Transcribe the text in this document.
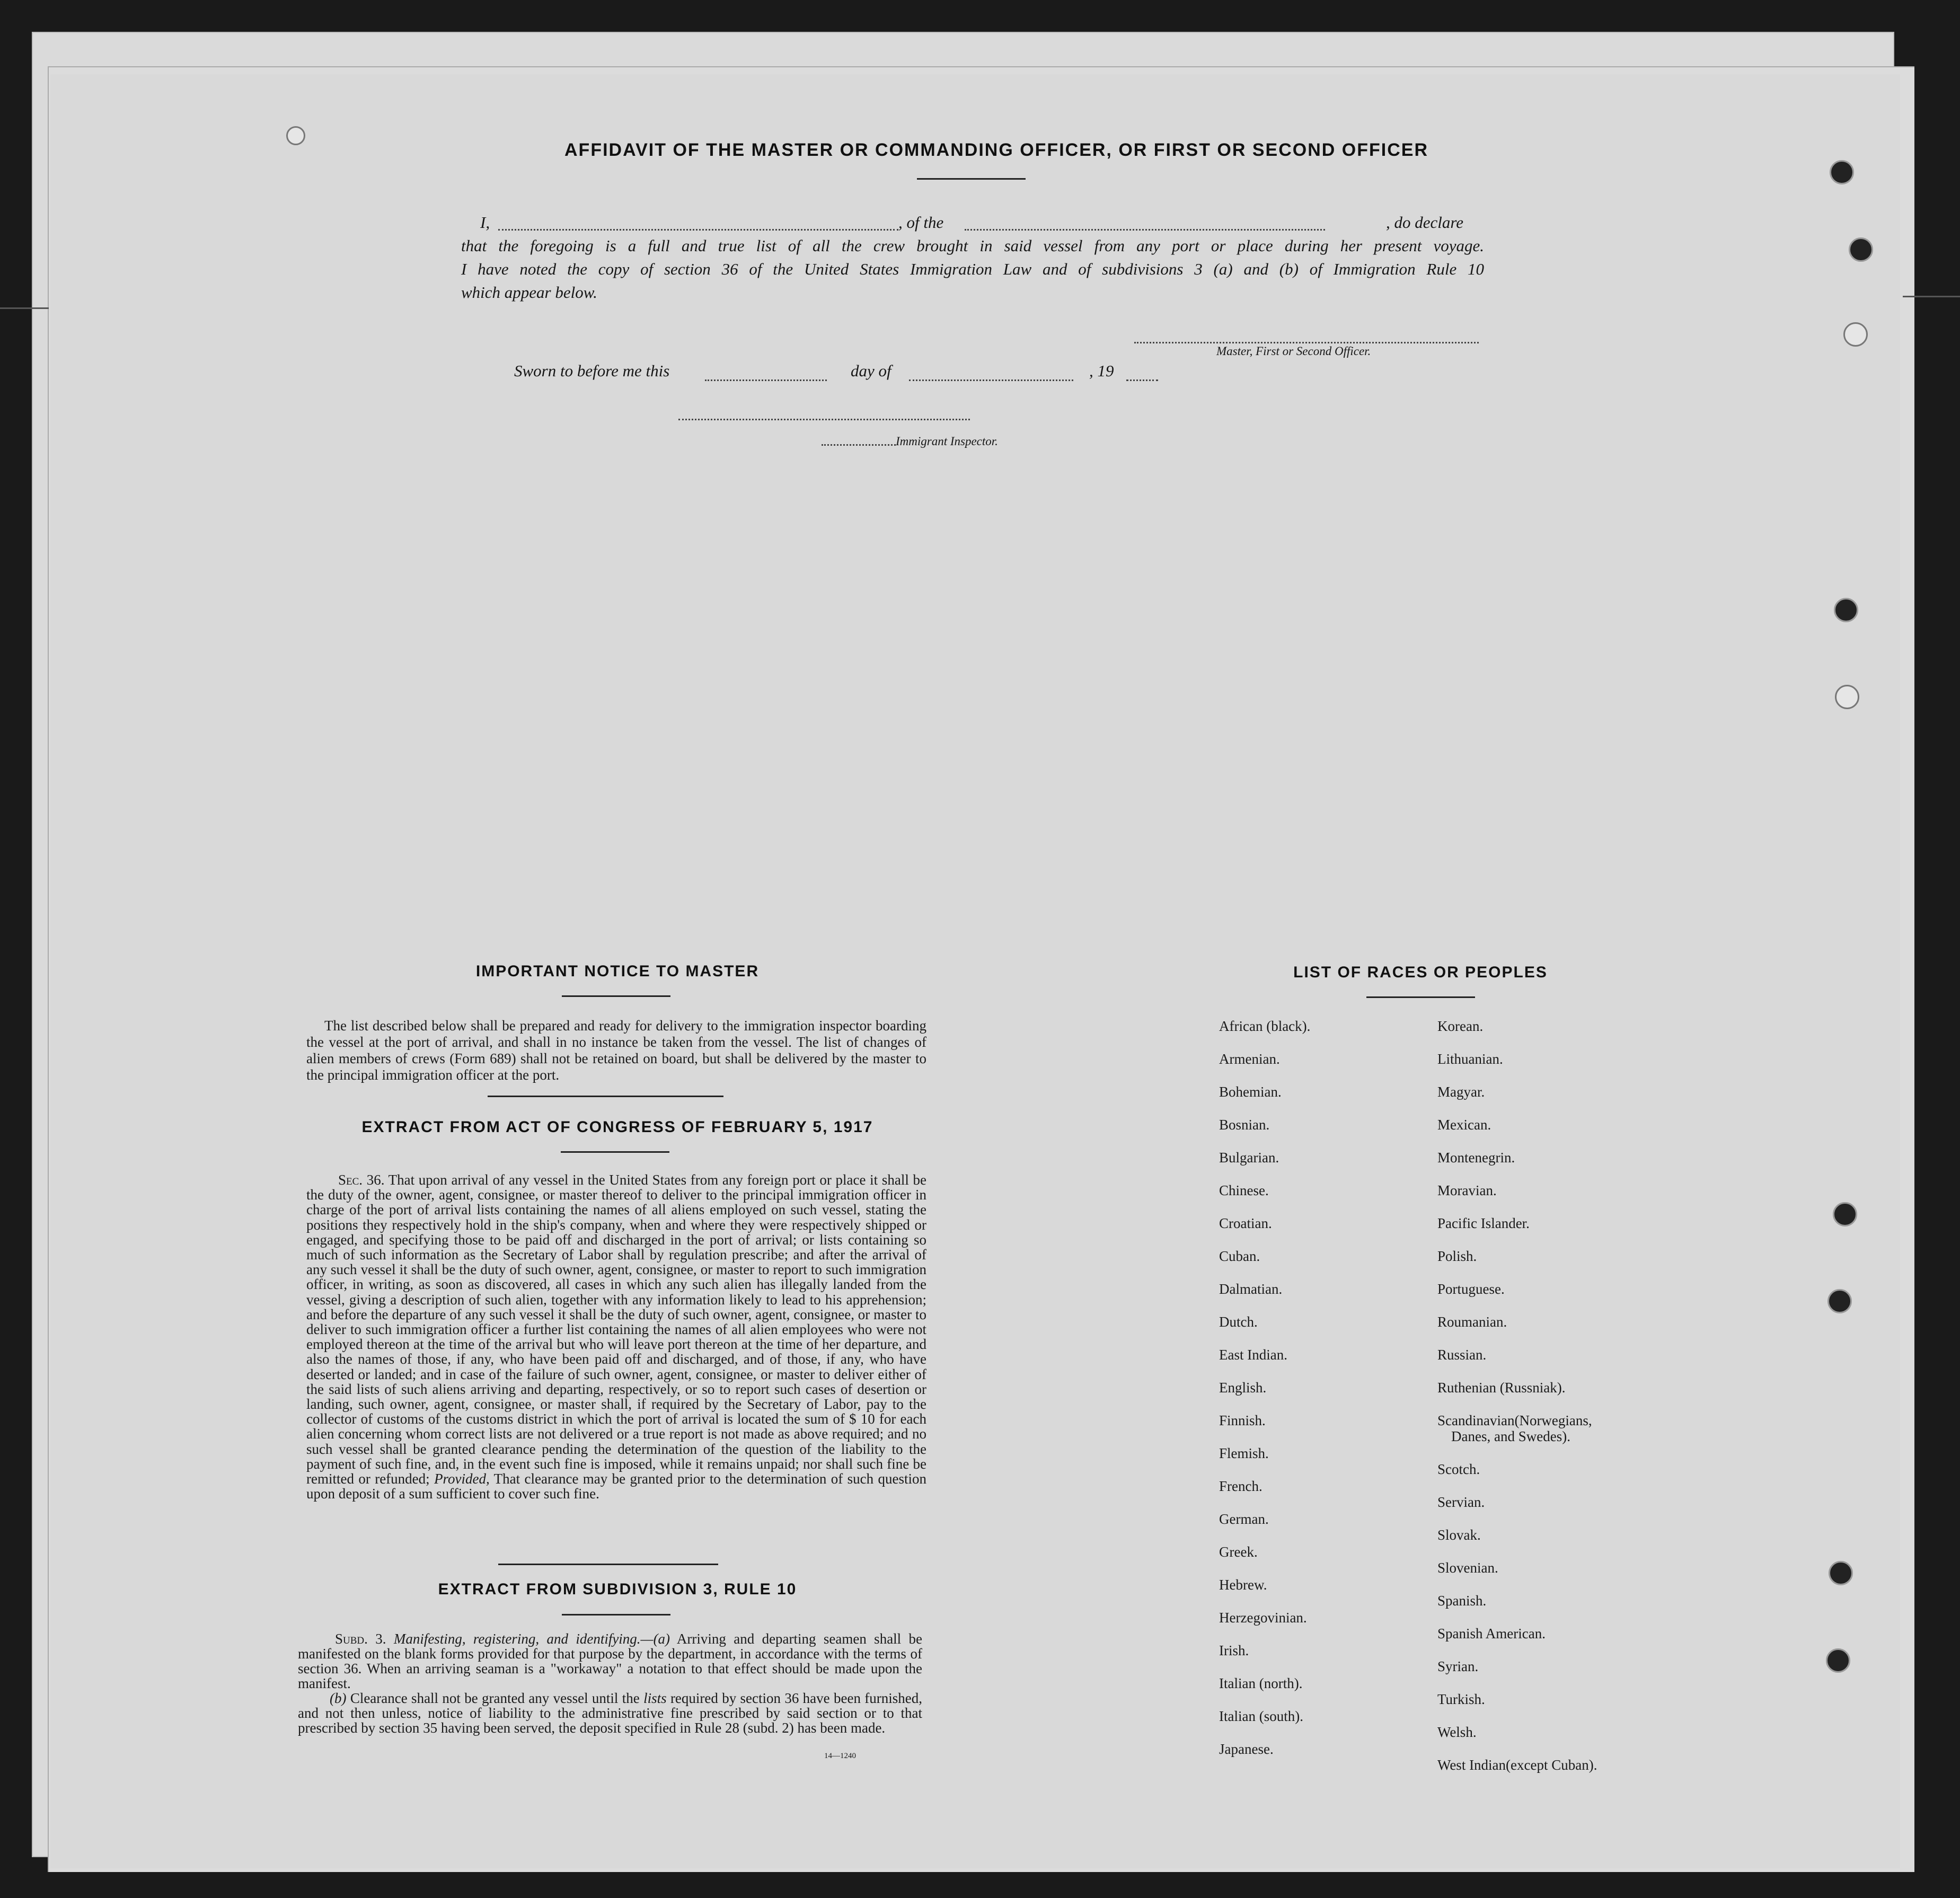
AFFIDAVIT OF THE MASTER OR COMMANDING OFFICER, OR FIRST OR SECOND OFFICER
I,	, of the	, do declare
that the foregoing is a full and true list of all the crew brought in said vessel from any port or place during her present voyage.
I have noted the copy of section 36 of the United States Immigration Law and of subdivisions 3 (a) and (b) of Immigration Rule 10
which appear below.
Master, First or Second Officer.
Sworn to before me this	day of	, 19
Immigrant Inspector.
IMPORTANT NOTICE TO MASTER
The list described below shall be prepared and ready for delivery to the immigration inspector boarding the vessel at the port of arrival, and shall in no instance be taken from the vessel. The list of changes of alien members of crews (Form 689) shall not be retained on board, but shall be delivered by the master to the principal immigration officer at the port.
EXTRACT FROM ACT OF CONGRESS OF FEBRUARY 5, 1917
Sec. 36. That upon arrival of any vessel in the United States from any foreign port or place it shall be the duty of the owner, agent, consignee, or master thereof to deliver to the principal immigration officer in charge of the port of arrival lists containing the names of all aliens employed on such vessel, stating the positions they respectively hold in the ship's company, when and where they were respectively shipped or engaged, and specifying those to be paid off and discharged in the port of arrival; or lists containing so much of such information as the Secretary of Labor shall by regulation prescribe; and after the arrival of any such vessel it shall be the duty of such owner, agent, consignee, or master to report to such immigration officer, in writing, as soon as discovered, all cases in which any such alien has illegally landed from the vessel, giving a description of such alien, together with any information likely to lead to his apprehension; and before the departure of any such vessel it shall be the duty of such owner, agent, consignee, or master to deliver to such immigration officer a further list containing the names of all alien employees who were not employed thereon at the time of the arrival but who will leave port thereon at the time of her departure, and also the names of those, if any, who have been paid off and discharged, and of those, if any, who have deserted or landed; and in case of the failure of such owner, agent, consignee, or master to deliver either of the said lists of such aliens arriving and departing, respectively, or so to report such cases of desertion or landing, such owner, agent, consignee, or master shall, if required by the Secretary of Labor, pay to the collector of customs of the customs district in which the port of arrival is located the sum of $ 10 for each alien concerning whom correct lists are not delivered or a true report is not made as above required; and no such vessel shall be granted clearance pending the determination of the question of the liability to the payment of such fine, and, in the event such fine is imposed, while it remains unpaid; nor shall such fine be remitted or refunded; Provided, That clearance may be granted prior to the determination of such question upon deposit of a sum sufficient to cover such fine.
EXTRACT FROM SUBDIVISION 3, RULE 10
Subd. 3. Manifesting, registering, and identifying.—(a) Arriving and departing seamen shall be manifested on the blank forms provided for that purpose by the department, in accordance with the terms of section 36. When an arriving seaman is a "workaway" a notation to that effect should be made upon the manifest.
(b) Clearance shall not be granted any vessel until the lists required by section 36 have been furnished, and not then unless, notice of liability to the administrative fine prescribed by said section or to that prescribed by section 35 having been served, the deposit specified in Rule 28 (subd. 2) has been made.
14—1240
LIST OF RACES OR PEOPLES
African (black).
Armenian.
Bohemian.
Bosnian.
Bulgarian.
Chinese.
Croatian.
Cuban.
Dalmatian.
Dutch.
East Indian.
English.
Finnish.
Flemish.
French.
German.
Greek.
Hebrew.
Herzegovinian.
Irish.
Italian (north).
Italian (south).
Japanese.
Korean.
Lithuanian.
Magyar.
Mexican.
Montenegrin.
Moravian.
Pacific Islander.
Polish.
Portuguese.
Roumanian.
Russian.
Ruthenian (Russniak).
Scandinavian(Norwegians,
Danes, and Swedes).
Scotch.
Servian.
Slovak.
Slovenian.
Spanish.
Spanish American.
Syrian.
Turkish.
Welsh.
West Indian(except Cuban).
